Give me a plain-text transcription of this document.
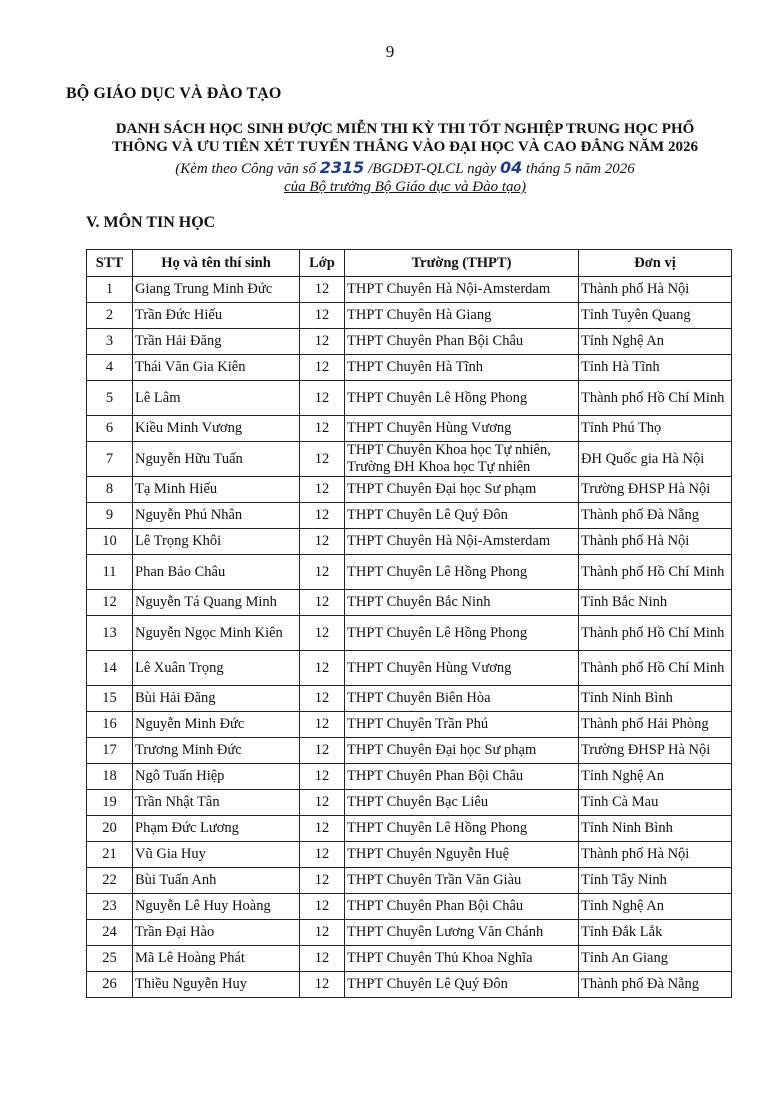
9
BỘ GIÁO DỤC VÀ ĐÀO TẠO
DANH SÁCH HỌC SINH ĐƯỢC MIỄN THI KỲ THI TỐT NGHIỆP TRUNG HỌC PHỔ
THÔNG VÀ ƯU TIÊN XÉT TUYỂN THẲNG VÀO ĐẠI HỌC VÀ CAO ĐẲNG NĂM 2026
(Kèm theo Công văn số 2315 /BGDĐT-QLCL ngày 04 tháng 5 năm 2026
của Bộ trưởng Bộ Giáo dục và Đào tạo)
V. MÔN TIN HỌC
STT	Họ và tên thí sinh	Lớp	Trường (THPT)	Đơn vị
1	Giang Trung Minh Đức	12	THPT Chuyên Hà Nội-Amsterdam	Thành phố Hà Nội
2	Trần Đức Hiếu	12	THPT Chuyên Hà Giang	Tỉnh Tuyên Quang
3	Trần Hải Đăng	12	THPT Chuyên Phan Bội Châu	Tỉnh Nghệ An
4	Thái Văn Gia Kiên	12	THPT Chuyên Hà Tĩnh	Tỉnh Hà Tĩnh
5	Lê Lâm	12	THPT Chuyên Lê Hồng Phong	Thành phố Hồ Chí Minh
6	Kiều Minh Vương	12	THPT Chuyên Hùng Vương	Tỉnh Phú Thọ
7	Nguyễn Hữu Tuấn	12	THPT Chuyên Khoa học Tự nhiên, Trường ĐH Khoa học Tự nhiên	ĐH Quốc gia Hà Nội
8	Tạ Minh Hiếu	12	THPT Chuyên Đại học Sư phạm	Trường ĐHSP Hà Nội
9	Nguyễn Phú Nhân	12	THPT Chuyên Lê Quý Đôn	Thành phố Đà Nẵng
10	Lê Trọng Khôi	12	THPT Chuyên Hà Nội-Amsterdam	Thành phố Hà Nội
11	Phan Bảo Châu	12	THPT Chuyên Lê Hồng Phong	Thành phố Hồ Chí Minh
12	Nguyễn Tá Quang Minh	12	THPT Chuyên Bắc Ninh	Tỉnh Bắc Ninh
13	Nguyễn Ngọc Minh Kiên	12	THPT Chuyên Lê Hồng Phong	Thành phố Hồ Chí Minh
14	Lê Xuân Trọng	12	THPT Chuyên Hùng Vương	Thành phố Hồ Chí Minh
15	Bùi Hải Đăng	12	THPT Chuyên Biên Hòa	Tỉnh Ninh Bình
16	Nguyễn Minh Đức	12	THPT Chuyên Trần Phú	Thành phố Hải Phòng
17	Trương Minh Đức	12	THPT Chuyên Đại học Sư phạm	Trường ĐHSP Hà Nội
18	Ngô Tuấn Hiệp	12	THPT Chuyên Phan Bội Châu	Tỉnh Nghệ An
19	Trần Nhật Tân	12	THPT Chuyên Bạc Liêu	Tỉnh Cà Mau
20	Phạm Đức Lương	12	THPT Chuyên Lê Hồng Phong	Tỉnh Ninh Bình
21	Vũ Gia Huy	12	THPT Chuyên Nguyễn Huệ	Thành phố Hà Nội
22	Bùi Tuấn Anh	12	THPT Chuyên Trần Văn Giàu	Tỉnh Tây Ninh
23	Nguyễn Lê Huy Hoàng	12	THPT Chuyên Phan Bội Châu	Tỉnh Nghệ An
24	Trần Đại Hào	12	THPT Chuyên Lương Văn Chánh	Tỉnh Đắk Lắk
25	Mã Lê Hoàng Phát	12	THPT Chuyên Thủ Khoa Nghĩa	Tỉnh An Giang
26	Thiều Nguyễn Huy	12	THPT Chuyên Lê Quý Đôn	Thành phố Đà Nẵng
